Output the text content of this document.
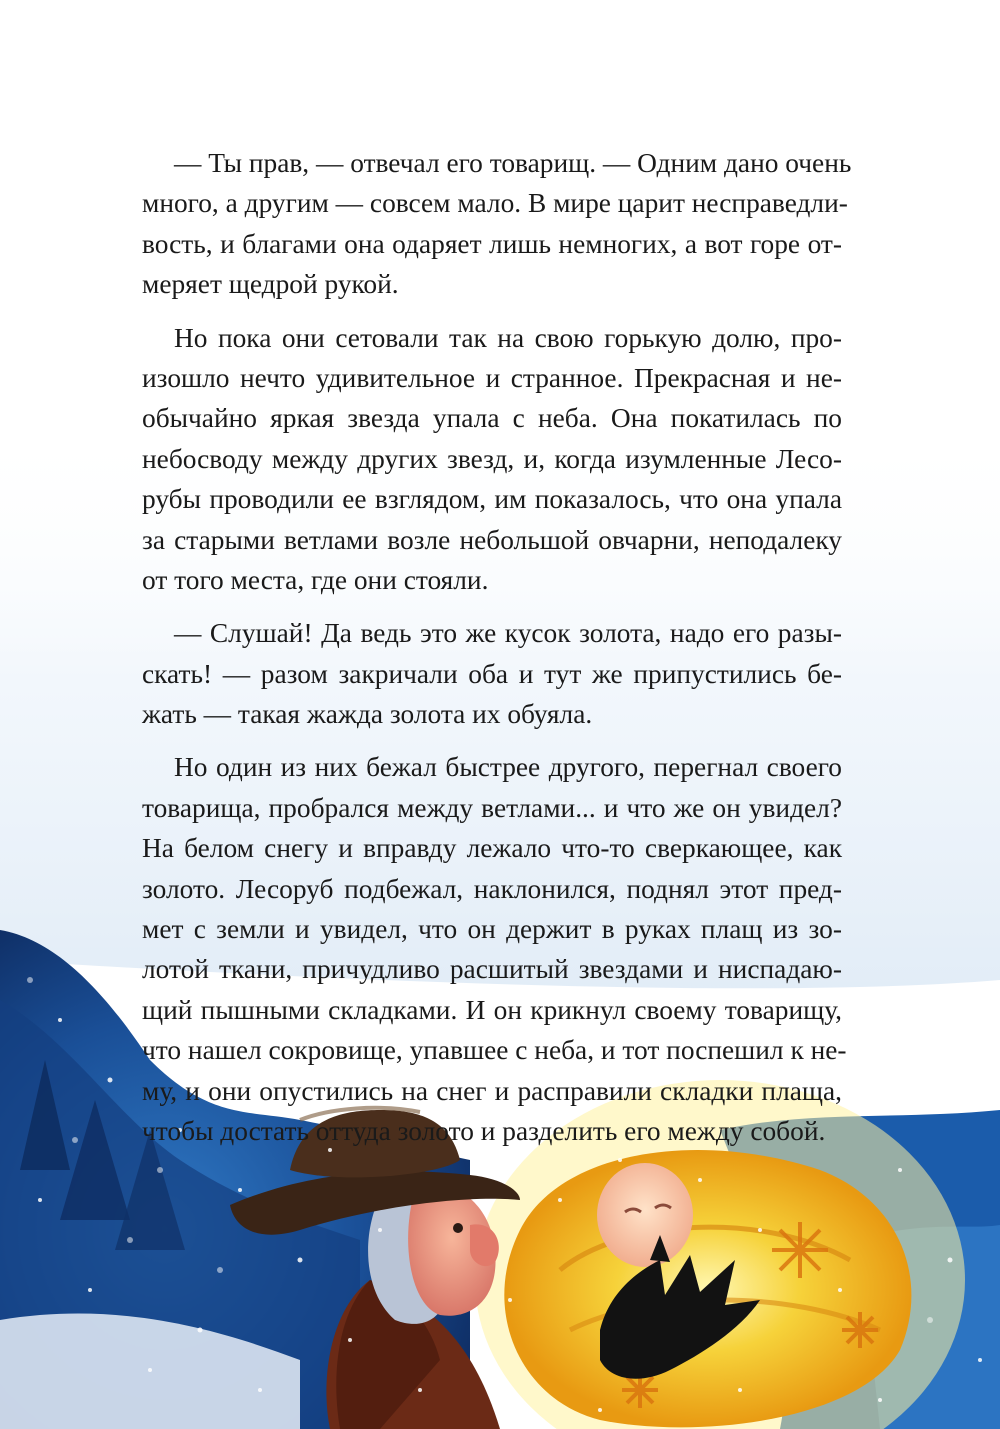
— Ты прав, — отвечал его товарищ. — Одним дано очень
много, а другим — совсем мало. В мире царит несправедли-
вость, и благами она одаряет лишь немногих, а вот горе от-
меряет щедрой рукой.
Но пока они сетовали так на свою горькую долю, про-
изошло нечто удивительное и странное. Прекрасная и не-
обычайно яркая звезда упала с неба. Она покатилась по
небосводу между других звезд, и, когда изумленные Лесо-
рубы проводили ее взглядом, им показалось, что она упала
за старыми ветлами возле небольшой овчарни, неподалеку
от того места, где они стояли.
— Слушай! Да ведь это же кусок золота, надо его разы-
скать! — разом закричали оба и тут же припустились бе-
жать — такая жажда золота их обуяла.
Но один из них бежал быстрее другого, перегнал своего
товарища, пробрался между ветлами... и что же он увидел?
На белом снегу и вправду лежало что-то сверкающее, как
золото. Лесоруб подбежал, наклонился, поднял этот пред-
мет с земли и увидел, что он держит в руках плащ из зо-
лотой ткани, причудливо расшитый звездами и ниспадаю-
щий пышными складками. И он крикнул своему товарищу,
что нашел сокровище, упавшее с неба, и тот поспешил к не-
му, и они опустились на снег и расправили складки плаща,
чтобы достать оттуда золото и разделить его между собой.
